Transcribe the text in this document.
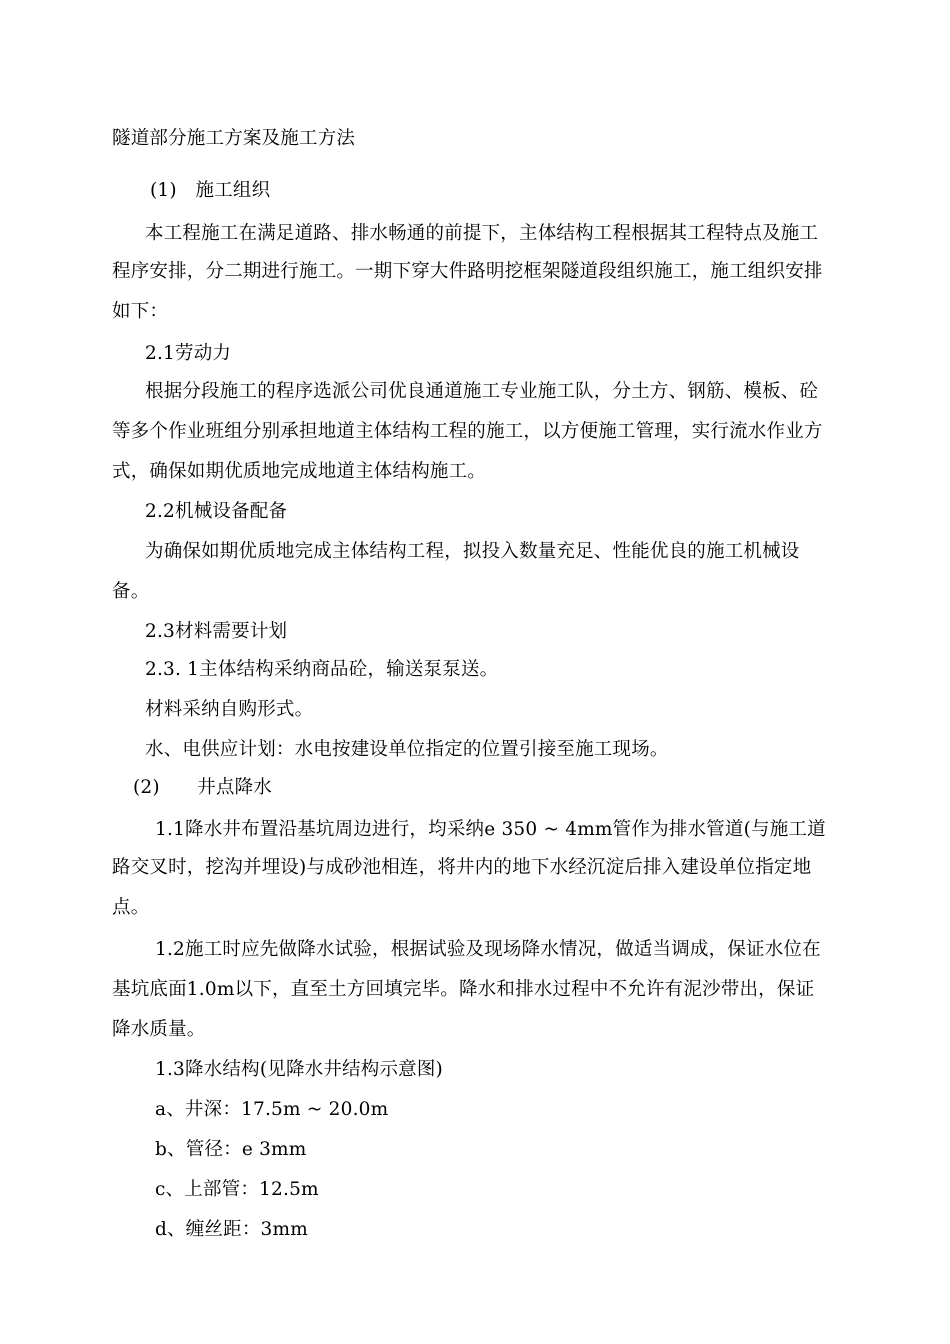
隧道部分施工方案及施工方法
(1)　施工组织
本工程施工在满足道路、排水畅通的前提下，主体结构工程根据其工程特点及施工
程序安排，分二期进行施工。一期下穿大件路明挖框架隧道段组织施工，施工组织安排
如下：
2.1劳动力
根据分段施工的程序选派公司优良通道施工专业施工队，分土方、钢筋、模板、砼
等多个作业班组分别承担地道主体结构工程的施工，以方便施工管理，实行流水作业方
式，确保如期优质地完成地道主体结构施工。
2.2机械设备配备
为确保如期优质地完成主体结构工程，拟投入数量充足、性能优良的施工机械设
备。
2.3材料需要计划
2.3. 1主体结构采纳商品砼，输送泵泵送。
材料采纳自购形式。
水、电供应计划：水电按建设单位指定的位置引接至施工现场。
(2)　　井点降水
1.1降水井布置沿基坑周边进行，均采纳e 350 ~ 4mm管作为排水管道(与施工道
路交叉时，挖沟并埋设)与成砂池相连，将井内的地下水经沉淀后排入建设单位指定地
点。
1.2施工时应先做降水试验，根据试验及现场降水情况，做适当调成，保证水位在
基坑底面1.0m以下，直至土方回填完毕。降水和排水过程中不允许有泥沙带出，保证
降水质量。
1.3降水结构(见降水井结构示意图)
a、井深：17.5m ~ 20.0m
b、管径：e 3mm
c、上部管：12.5m
d、缠丝距：3mm
